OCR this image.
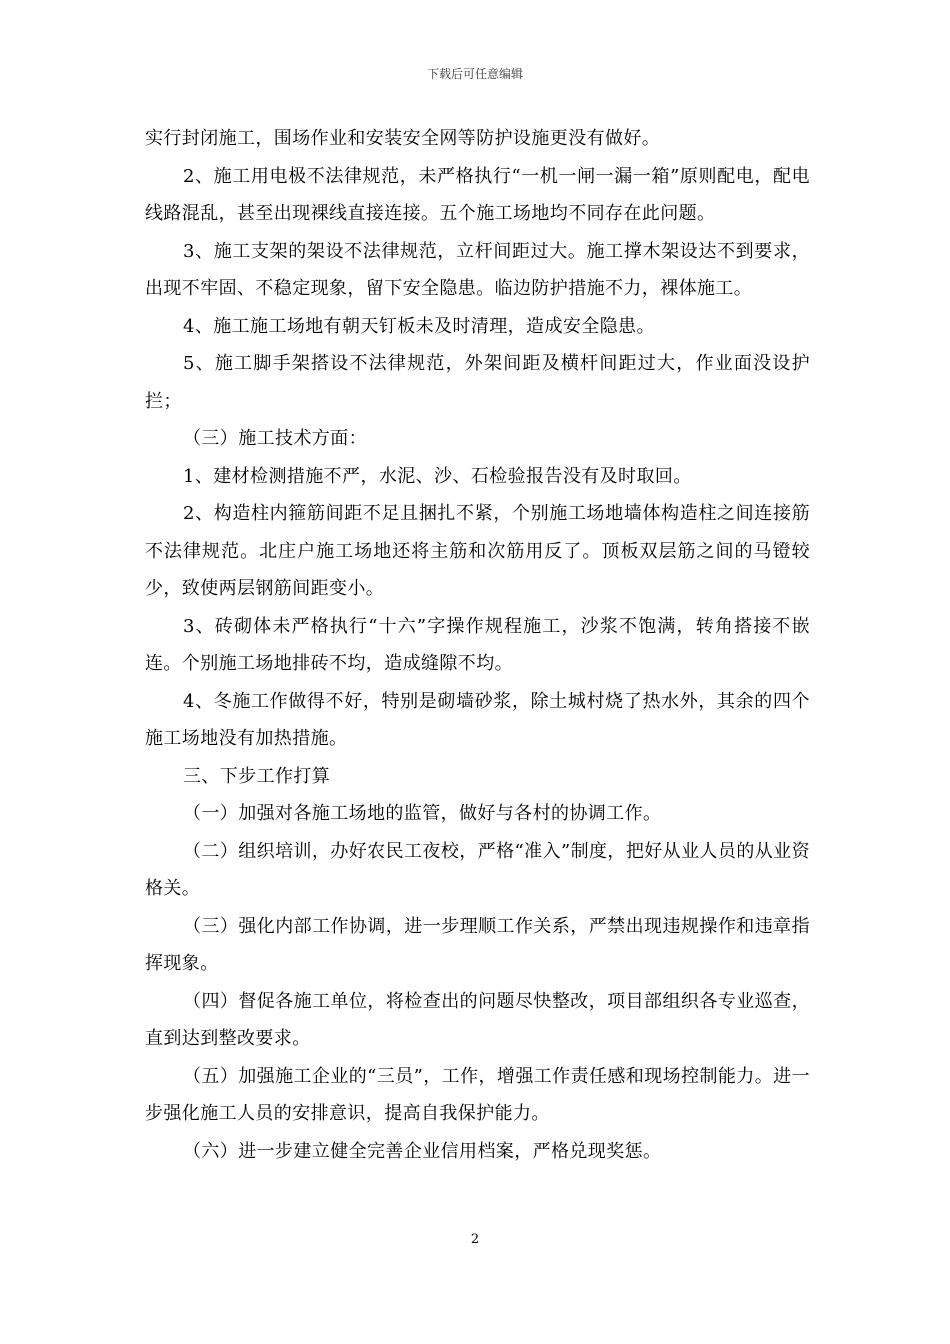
下载后可任意编辑

实行封闭施工，围场作业和安装安全网等防护设施更没有做好。

2、施工用电极不法律规范，未严格执行“一机一闸一漏一箱”原则配电，配电线路混乱，甚至出现裸线直接连接。五个施工场地均不同存在此问题。

3、施工支架的架设不法律规范，立杆间距过大。施工撑木架设达不到要求，出现不牢固、不稳定现象，留下安全隐患。临边防护措施不力，裸体施工。

4、施工施工场地有朝天钉板未及时清理，造成安全隐患。

5、施工脚手架搭设不法律规范，外架间距及横杆间距过大，作业面没设护拦；

（三）施工技术方面：

1、建材检测措施不严，水泥、沙、石检验报告没有及时取回。

2、构造柱内箍筋间距不足且捆扎不紧，个别施工场地墙体构造柱之间连接筋不法律规范。北庄户施工场地还将主筋和次筋用反了。顶板双层筋之间的马镫较少，致使两层钢筋间距变小。

3、砖砌体未严格执行“十六”字操作规程施工，沙浆不饱满，转角搭接不嵌连。个别施工场地排砖不均，造成缝隙不均。

4、冬施工作做得不好，特别是砌墙砂浆，除土城村烧了热水外，其余的四个施工场地没有加热措施。

三、下步工作打算

（一）加强对各施工场地的监管，做好与各村的协调工作。

（二）组织培训，办好农民工夜校，严格“准入”制度，把好从业人员的从业资格关。

（三）强化内部工作协调，进一步理顺工作关系，严禁出现违规操作和违章指挥现象。

（四）督促各施工单位，将检查出的问题尽快整改，项目部组织各专业巡查，直到达到整改要求。

（五）加强施工企业的“三员”，工作，增强工作责任感和现场控制能力。进一步强化施工人员的安排意识，提高自我保护能力。

（六）进一步建立健全完善企业信用档案，严格兑现奖惩。

2
